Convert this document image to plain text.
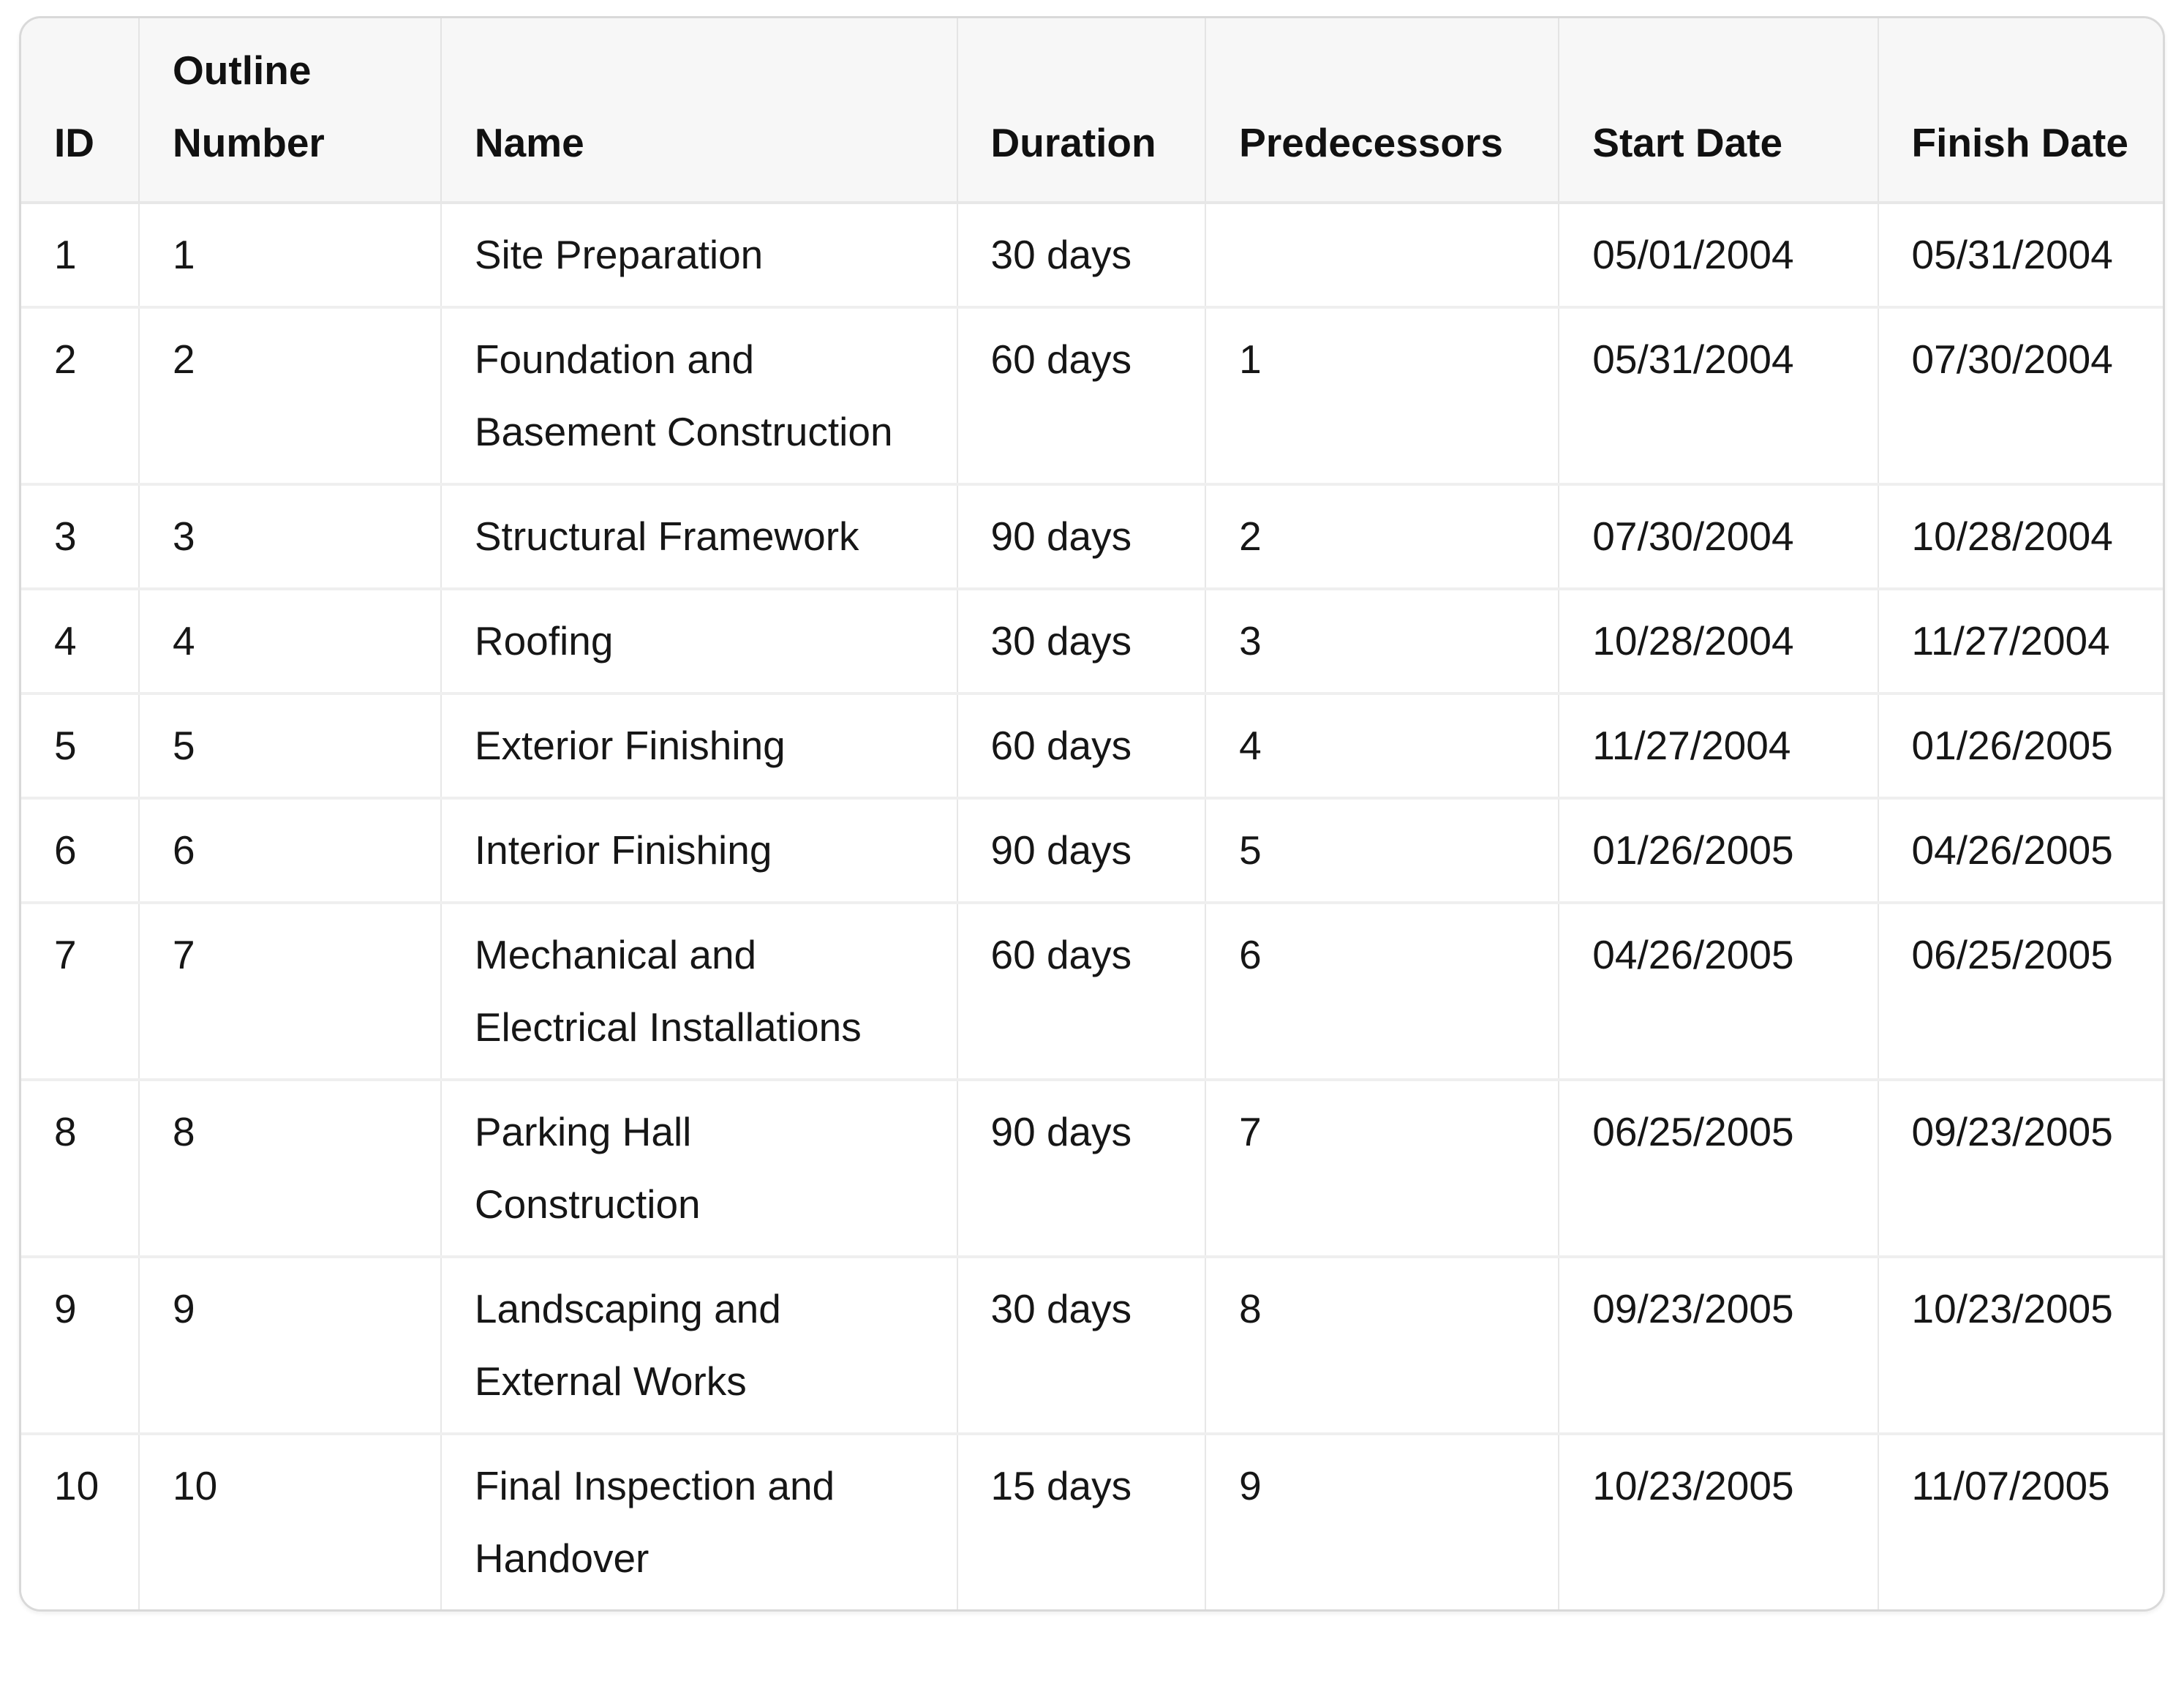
ID	Outline Number	Name	Duration	Predecessors	Start Date	Finish Date
1	1	Site Preparation	30 days		05/01/2004	05/31/2004
2	2	Foundation and Basement Construction	60 days	1	05/31/2004	07/30/2004
3	3	Structural Framework	90 days	2	07/30/2004	10/28/2004
4	4	Roofing	30 days	3	10/28/2004	11/27/2004
5	5	Exterior Finishing	60 days	4	11/27/2004	01/26/2005
6	6	Interior Finishing	90 days	5	01/26/2005	04/26/2005
7	7	Mechanical and Electrical Installations	60 days	6	04/26/2005	06/25/2005
8	8	Parking Hall Construction	90 days	7	06/25/2005	09/23/2005
9	9	Landscaping and External Works	30 days	8	09/23/2005	10/23/2005
10	10	Final Inspection and Handover	15 days	9	10/23/2005	11/07/2005
